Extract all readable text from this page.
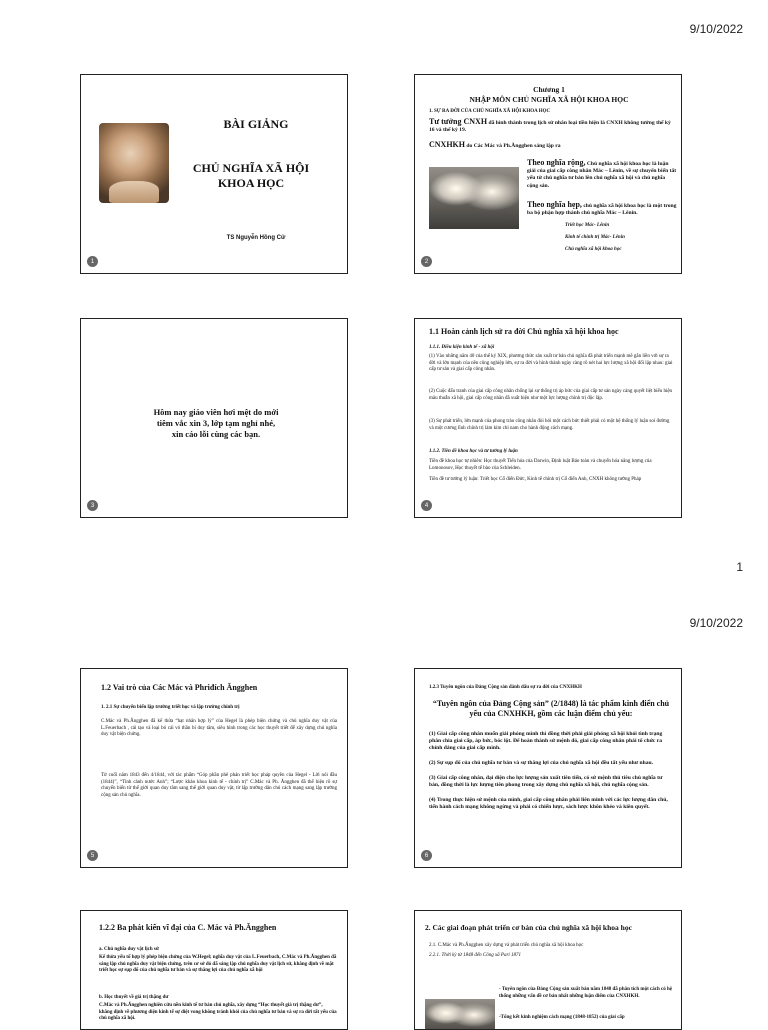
9/10/2022
BÀI GIẢNG
CHỦ NGHĨA XÃ HỘI KHOA HỌC
TS Nguyễn Hồng Cử
1
Chương 1
NHẬP MÔN CHỦ NGHĨA XÃ HỘI KHOA HỌC
1. SỰ RA ĐỜI CỦA CHỦ NGHĨA XÃ HỘI KHOA HỌC
Tư tưởng CNXH đã hình thành trong lịch sử nhân loại tiền hiện là CNXH không tưởng thế kỷ 16 và thế kỷ 19.
CNXHKH do Các Mác và Ph.Ăngghen sáng lập ra
Theo nghĩa rộng, Chủ nghĩa xã hội khoa học là luận giải của giai cấp công nhân Mác – Lênin, về sự chuyển biến tất yếu từ chủ nghĩa tư bản lên chủ nghĩa xã hội và chủ nghĩa cộng sản.
Theo nghĩa hẹp, chủ nghĩa xã hội khoa học là một trong ba bộ phận hợp thành chủ nghĩa Mác – Lênin.
Triết học Mác- Lênin
Kinh tế chính trị Mác- Lênin
Chủ nghĩa xã hội khoa học
2
Hôm nay giáo viên hơi mệt do mới tiêm vắc xin 3, lớp tạm nghỉ nhé, xin cáo lỗi cùng các bạn.
3
1.1 Hoàn cảnh lịch sử ra đời Chủ nghĩa xã hội khoa học
1.1.1. Điều kiện kinh tế - xã hội
(1) Vào những năm 40 của thế kỷ XIX, phương thức sản xuất tư bản chủ nghĩa đã phát triển mạnh mẽ gắn liền với sự ra đời và lớn mạnh của nền công nghiệp lớn, sự ra đời và hình thành ngày càng rõ nét hai lực lượng xã hội đối lập nhau: giai cấp tư sản và giai cấp công nhân.
(2) Cuộc đấu tranh của giai cấp công nhân chống lại sự thống trị áp bức của giai cấp tư sản ngày càng quyết liệt biểu hiện mâu thuẫn xã hội, giai cấp công nhân đã xuất hiện như một lực lượng chính trị độc lập.
(3) Sự phát triển, lớn mạnh của phong trào công nhân đòi hỏi một cách bức thiết phải có một hệ thống lý luận soi đường và một cương lĩnh chính trị làm kim chỉ nam cho hành động cách mạng.
1.1.2. Tiền đề khoa học và tư tưởng lý luận
Tiền đề khoa học tự nhiên: Học thuyết Tiến hóa của Darwin, Định luật Bảo toàn và chuyển hóa năng lượng của Lomonosov, Học thuyết tế bào của Schleiden.
Tiền đề tư tưởng lý luận: Triết học Cổ điển Đức, Kinh tế chính trị Cổ điển Anh, CNXH không tưởng Pháp
4
1
9/10/2022
1.2 Vai trò của Các Mác và Phriđích Ăngghen
1. 2.1 Sự chuyển biến lập trường triết học và lập trường chính trị
C.Mác và Ph.Ăngghen đã kế thừa “hạt nhân hợp lý” của Hegel là phép biện chứng và chủ nghĩa duy vật của L.Feuerbach , cải tạo và loại bỏ cái vỏ thần bí duy tâm, siêu hình trong các học thuyết triết để xây dựng chủ nghĩa duy vật biện chứng.
Từ cuối năm 1843 đến 4/1844, với tác phẩm “Góp phần phê phán triết học pháp quyền của Hegel - Lời nói đầu (1844)”, “Tình cảnh nước Anh”; “Lược khảo khoa kinh tế - chính trị” C.Mác và Ph. Ăngghen đã thể hiện rõ sự chuyển biến từ thế giới quan duy tâm sang thế giới quan duy vật, từ lập trường dân chủ cách mạng sang lập trường cộng sản chủ nghĩa.
5
1.2.3 Tuyên ngôn của Đảng Cộng sản đánh dấu sự ra đời của CNXHKH
“Tuyên ngôn của Đảng Cộng sản” (2/1848) là tác phẩm kinh điển chủ yếu của CNXHKH, gồm các luận điểm chủ yếu:
(1) Giai cấp công nhân muốn giải phóng mình thì đồng thời phải giải phóng xã hội khỏi tình trạng phân chia giai cấp, áp bức, bóc lột. Để hoàn thành sứ mệnh đó, giai cấp công nhân phải tổ chức ra chính đảng của giai cấp mình.
(2) Sự sụp đổ của chủ nghĩa tư bản và sự thắng lợi của chủ nghĩa xã hội đều tất yếu như nhau.
(3) Giai cấp công nhân, đại diện cho lực lượng sản xuất tiên tiến, có sứ mệnh thủ tiêu chủ nghĩa tư bản, đồng thời là lực lượng tiên phong trong xây dựng chủ nghĩa xã hội, chủ nghĩa cộng sản.
(4) Trong thực hiện sứ mệnh của mình, giai cấp công nhân phải liên minh với các lực lượng dân chủ, tiến hành cách mạng không ngừng và phải có chiến lược, sách lược khôn khéo và kiên quyết.
6
1.2.2 Ba phát kiến vĩ đại của C. Mác và Ph.Ăngghen
a. Chủ nghĩa duy vật lịch sử
Kế thừa yếu tố hợp lý phép biện chứng của W.Hegel; nghĩa duy vật của L.Feuerbach, C.Mác và Ph.Ăngghen đã sáng lập chủ nghĩa duy vật biện chứng, trên cơ sở đó đã sáng lập chủ nghĩa duy vật lịch sử, khẳng định về mặt triết học sự sụp đổ của chủ nghĩa tư bản và sự thắng lợi của chủ nghĩa xã hội
b. Học thuyết về giá trị thặng dư
C.Mác và Ph.Ăngghen nghiên cứu nền kinh tế tư bản chủ nghĩa, xây dựng “Học thuyết giá trị thặng dư”, khẳng định về phương diện kinh tế sự diệt vong không tránh khỏi của chủ nghĩa tư bản và sự ra đời tất yếu của chủ nghĩa xã hội.
2. Các giai đoạn phát triển cơ bản của chủ nghĩa xã hội khoa học
2.1. C.Mác và Ph.Ăngghen xây dựng và phát triển chủ nghĩa xã hội khoa học
2.2.1. Thời kỳ từ 1848 đến Công xã Pari 1871
- Tuyên ngôn của Đảng Cộng sản xuất bản năm 1848 đã phân tích một cách có hệ thống những vấn đề cơ bản nhất những luận điểm của CNXHKH.
-Tổng kết kinh nghiệm cách mạng (1848-1852) của giai cấp
